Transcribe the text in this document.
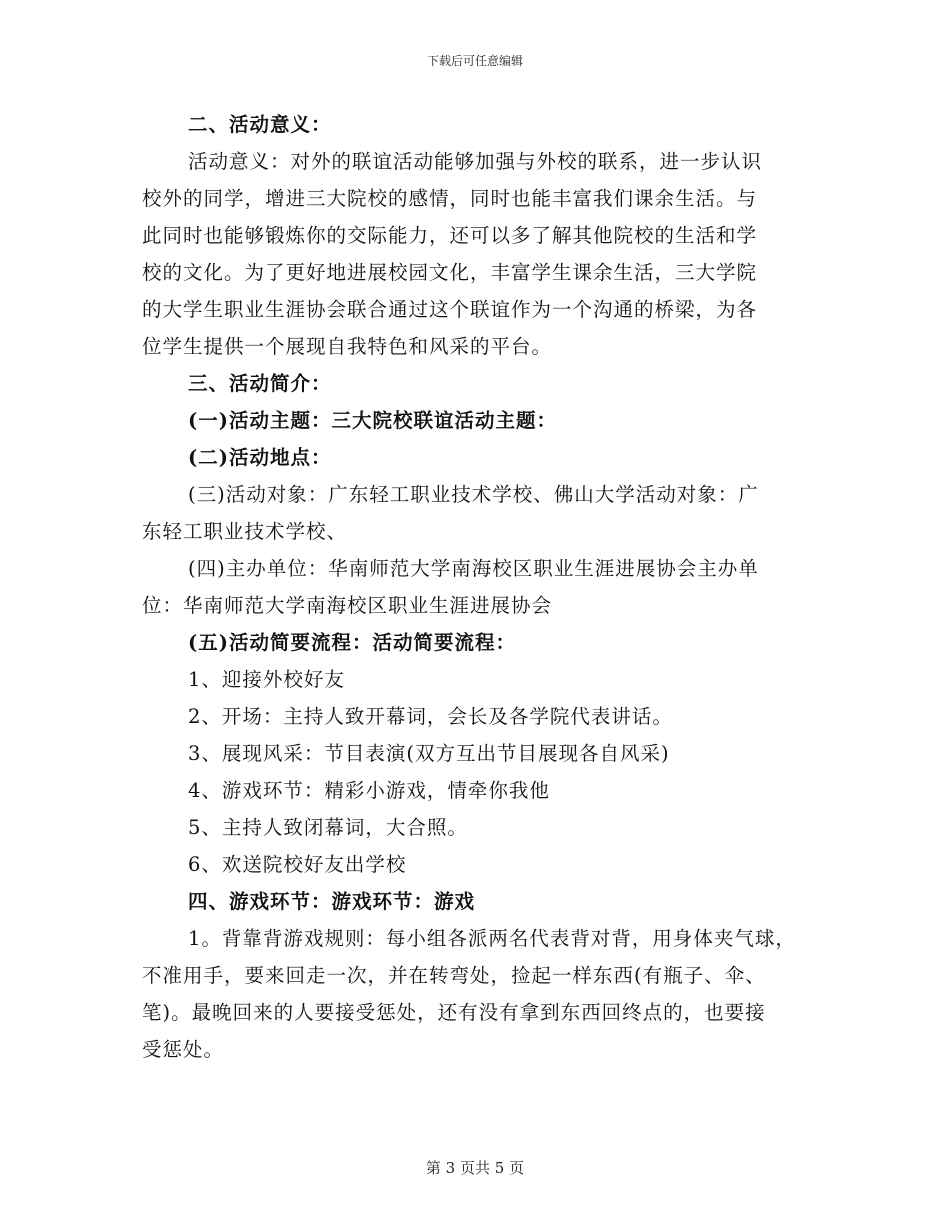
下载后可任意编辑

二、活动意义：

活动意义：对外的联谊活动能够加强与外校的联系，进一步认识

校外的同学，增进三大院校的感情，同时也能丰富我们课余生活。与

此同时也能够锻炼你的交际能力，还可以多了解其他院校的生活和学

校的文化。为了更好地进展校园文化，丰富学生课余生活，三大学院

的大学生职业生涯协会联合通过这个联谊作为一个沟通的桥梁，为各

位学生提供一个展现自我特色和风采的平台。

三、活动简介：

(一)活动主题：三大院校联谊活动主题：

(二)活动地点：

(三)活动对象：广东轻工职业技术学校、佛山大学活动对象：广

东轻工职业技术学校、

(四)主办单位：华南师范大学南海校区职业生涯进展协会主办单

位：华南师范大学南海校区职业生涯进展协会

(五)活动简要流程：活动简要流程：

1、迎接外校好友

2、开场：主持人致开幕词，会长及各学院代表讲话。

3、展现风采：节目表演(双方互出节目展现各自风采)

4、游戏环节：精彩小游戏，情牵你我他

5、主持人致闭幕词，大合照。

6、欢送院校好友出学校

四、游戏环节：游戏环节：游戏

1。背靠背游戏规则：每小组各派两名代表背对背，用身体夹气球，

不准用手，要来回走一次，并在转弯处，捡起一样东西(有瓶子、伞、

笔)。最晚回来的人要接受惩处，还有没有拿到东西回终点的，也要接

受惩处。

第 3 页共 5 页
